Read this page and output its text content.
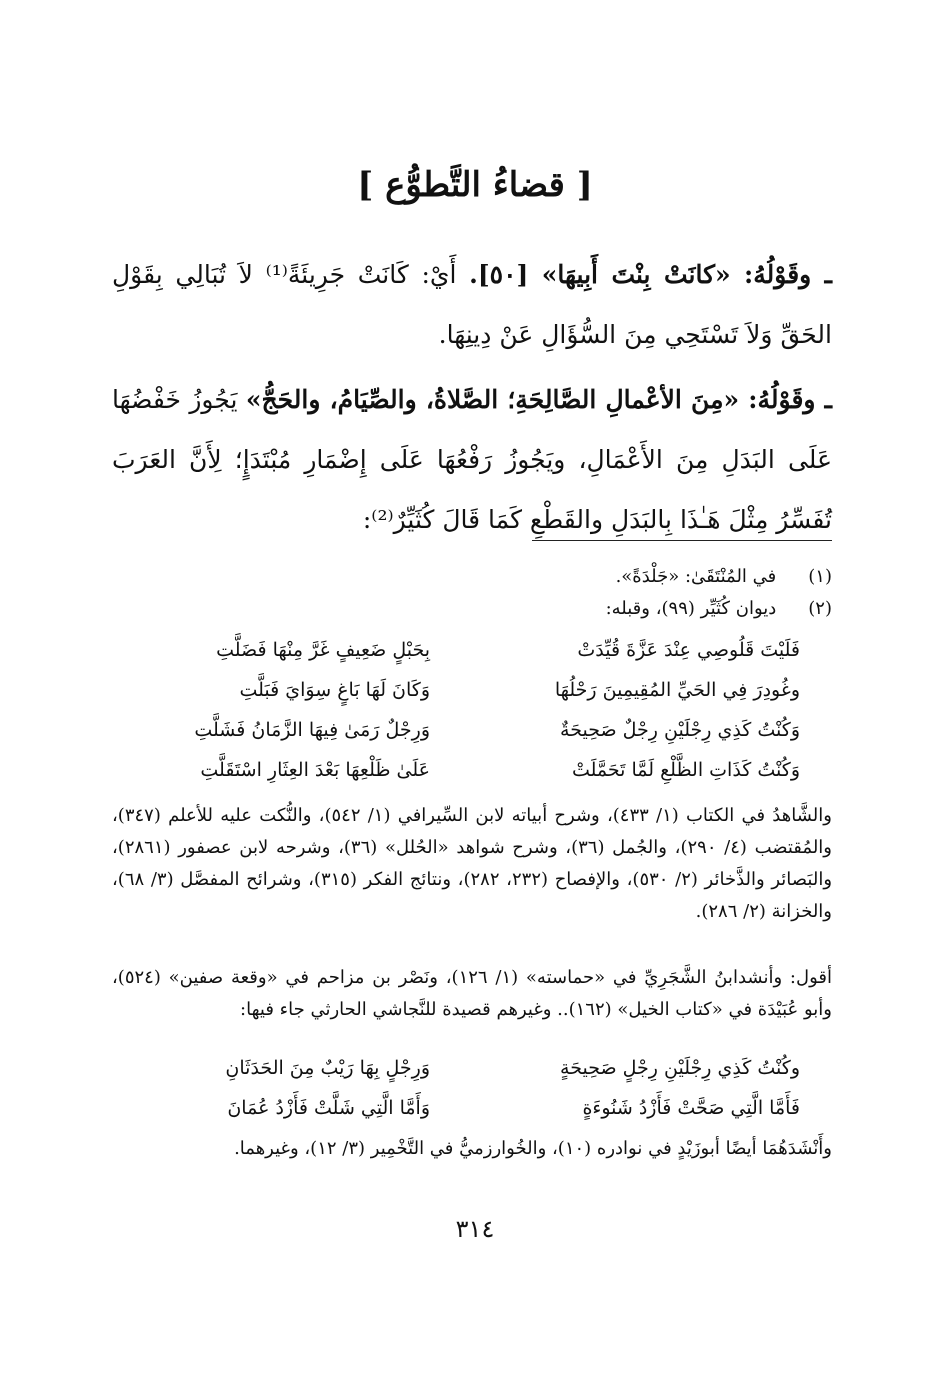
[ قضاءُ التَّطوُّع ]
ـ وقَوْلُهُ: «كانَتْ بِنْتَ أَبِيهَا» [٥٠]. أَيْ: كَانَتْ جَرِيئَةً⁽¹⁾ لاَ تُبَالِي بِقَوْلِ الحَقِّ وَلاَ تَسْتَحِي مِنَ السُّؤَالِ عَنْ دِينِهَا.
ـ وقَوْلُهُ: «مِنَ الأعْمالِ الصَّالِحَةِ؛ الصَّلاةُ، والصِّيَامُ، والحَجُّ» يَجُوزُ خَفْضُهَا عَلَى البَدَلِ مِنَ الأَعْمَالِ، ويَجُوزُ رَفْعُهَا عَلَى إِضْمَارِ مُبْتَدَإٍ؛ لِأَنَّ العَرَبَ تُفَسِّرُ مِثْلَ هَـٰذَا بِالبَدَلِ والقَطْعِ كَمَا قَالَ كُثَيِّرٌ⁽²⁾:
(١) في المُنْتَقَىٰ: «جَلْدَةً».
(٢) ديوان كُثَيِّر (٩٩)، وقبله:
فَلَيْتَ قَلُوصِي عِنْدَ عَزَّةَ قُيِّدَتْ
بِحَبْلٍ ضَعِيفٍ غَرَّ مِنْهَا فَضَلَّتِ
وغُودِرَ فِي الحَيِّ المُقِيمِينَ رَحْلُهَا
وَكَانَ لَهَا بَاغٍ سِوَايَ فَبَلَّتِ
وَكُنْتُ كَذِي رِجْلَيْنِ رِجْلٌ صَحِيحَةٌ
وَرِجْلٌ رَمَىٰ فِيهَا الزَّمَانُ فَشَلَّتِ
وَكُنْتُ كَذَاتِ الظَّلْعِ لَمَّا تَحَمَّلَتْ
عَلَىٰ ظَلْعِهَا بَعْدَ العِثَارِ اسْتَقَلَّتِ
والشَّاهدُ في الكتاب (١/ ٤٣٣)، وشرح أبياته لابن السِّيرافي (١/ ٥٤٢)، والنُّكت عليه للأعلم (٣٤٧)، والمُقتضب (٤/ ٢٩٠)، والجُمل (٣٦)، وشرح شواهد «الحُلل» (٣٦)، وشرحه لابن عصفور (٢٨٦١)، والبَصائر والذَّخائر (٢/ ٥٣٠)، والإفصاح (٢٣٢، ٢٨٢)، ونتائج الفكر (٣١٥)، وشرائح المفصَّل (٣/ ٦٨)، والخزانة (٢/ ٢٨٦).
أقول: وأنشدابنُ الشَّجَرِيِّ في «حماسته» (١/ ١٢٦)، ونَصْر بن مزاحم في «وقعة صفين» (٥٢٤)، وأبو عُبَيْدَة في «كتاب الخيل» (١٦٢).. وغيرهم قصيدة للنَّجاشي الحارثي جاء فيها:
وكُنْتُ كَذِي رِجْلَيْنِ رِجْلٍ صَحِيحَةٍ
وَرِجْلٍ بِهَا رَيْبٌ مِنَ الحَدَثَانِ
فَأَمَّا الَّتِي صَحَّتْ فَأَزْدُ شَنُوءَةٍ
وَأَمَّا الَّتِي شَلَّتْ فَأَزْدُ عُمَانَ
وأَنْشَدَهُمَا أيضًا أبوزَيْدٍ في نوادره (١٠)، والخُوارزميُّ في التَّخْمِير (٣/ ١٢)، وغيرهما.
٣١٤
